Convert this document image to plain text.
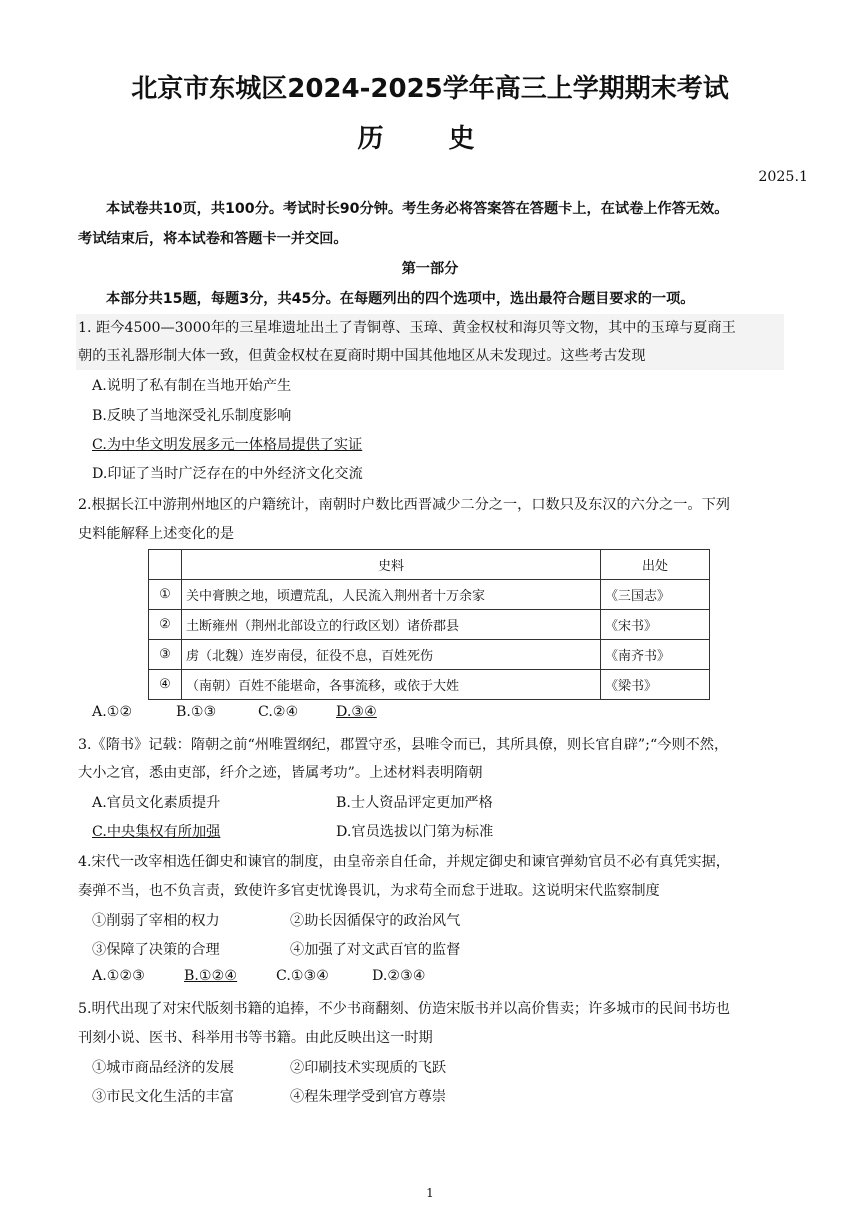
北京市东城区2024-2025学年高三上学期期末考试
历 史
2025.1
本试卷共10页，共100分。考试时长90分钟。考生务必将答案答在答题卡上，在试卷上作答无效。
考试结束后，将本试卷和答题卡一并交回。
第一部分
本部分共15题，每题3分，共45分。在每题列出的四个选项中，选出最符合题目要求的一项。
1. 距今4500—3000年的三星堆遗址出土了青铜尊、玉璋、黄金权杖和海贝等文物，其中的玉璋与夏商王
朝的玉礼器形制大体一致，但黄金权杖在夏商时期中国其他地区从未发现过。这些考古发现
A.说明了私有制在当地开始产生
B.反映了当地深受礼乐制度影响
C.为中华文明发展多元一体格局提供了实证
D.印证了当时广泛存在的中外经济文化交流
2.根据长江中游荆州地区的户籍统计，南朝时户数比西晋减少二分之一，口数只及东汉的六分之一。下列
史料能解释上述变化的是
	史料	出处
①	关中膏腴之地，顷遭荒乱，人民流入荆州者十万余家	《三国志》
②	土断雍州（荆州北部设立的行政区划）诸侨郡县	《宋书》
③	虏（北魏）连岁南侵，征役不息，百姓死伤	《南齐书》
④	（南朝）百姓不能堪命，各事流移，或依于大姓	《梁书》
A.①②	B.①③	C.②④	D.③④
3.《隋书》记载：隋朝之前“州唯置纲纪，郡置守丞，县唯令而已，其所具僚，则长官自辟”;“今则不然，
大小之官，悉由吏部，纤介之迹，皆属考功”。上述材料表明隋朝
A.官员文化素质提升	B.士人资品评定更加严格
C.中央集权有所加强	D.官员选拔以门第为标准
4.宋代一改宰相选任御史和谏官的制度，由皇帝亲自任命，并规定御史和谏官弹劾官员不必有真凭实据，
奏弹不当，也不负言责，致使许多官吏忧谗畏讥，为求苟全而怠于进取。这说明宋代监察制度
①削弱了宰相的权力	②助长因循保守的政治风气
③保障了决策的合理	④加强了对文武百官的监督
A.①②③	B.①②④	C.①③④	D.②③④
5.明代出现了对宋代版刻书籍的追捧，不少书商翻刻、仿造宋版书并以高价售卖；许多城市的民间书坊也
刊刻小说、医书、科举用书等书籍。由此反映出这一时期
①城市商品经济的发展	②印刷技术实现质的飞跃
③市民文化生活的丰富	④程朱理学受到官方尊崇
1
